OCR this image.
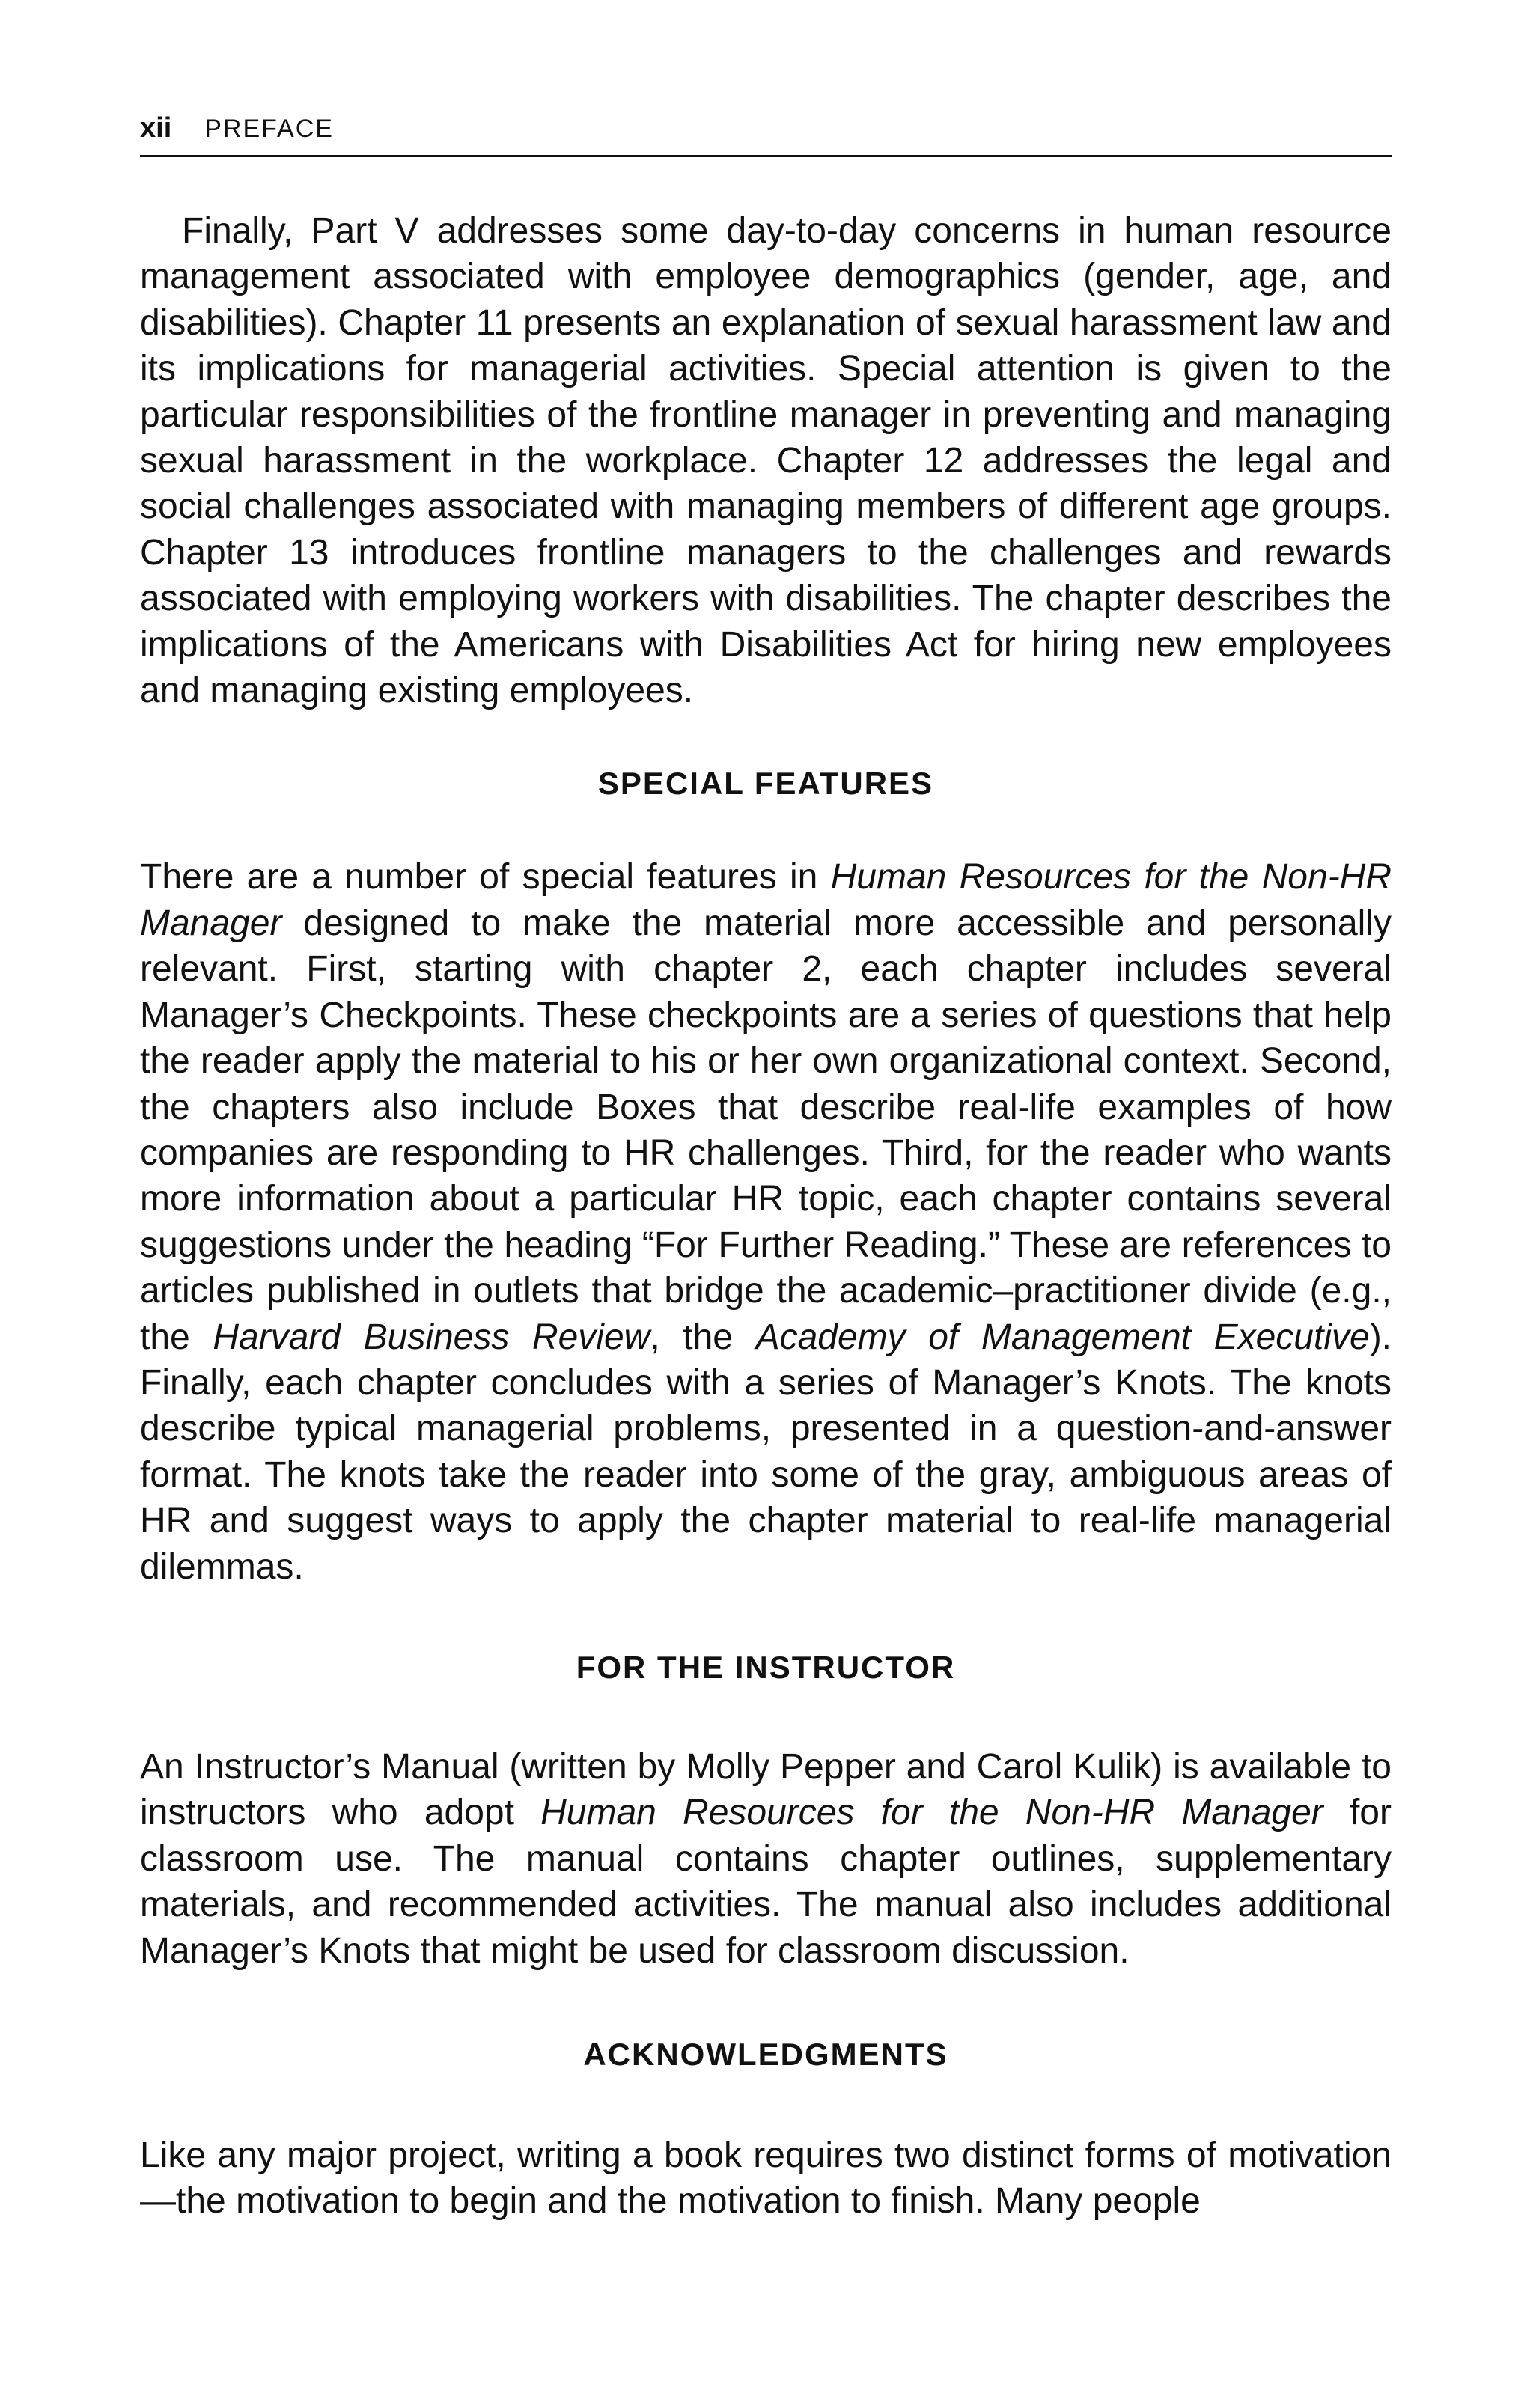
xii PREFACE

Finally, Part V addresses some day-to-day concerns in human resource management associated with employee demographics (gender, age, and disabilities). Chapter 11 presents an explanation of sexual harassment law and its implications for managerial activities. Special attention is given to the particular responsibilities of the frontline manager in preventing and managing sexual harassment in the workplace. Chapter 12 addresses the legal and social challenges associated with managing members of different age groups. Chapter 13 introduces frontline managers to the challenges and rewards associated with employing workers with disabilities. The chapter describes the implications of the Americans with Disabilities Act for hiring new employees and managing existing employees.

SPECIAL FEATURES

There are a number of special features in Human Resources for the Non-HR Manager designed to make the material more accessible and personally relevant. First, starting with chapter 2, each chapter includes several Manager’s Checkpoints. These checkpoints are a series of questions that help the reader apply the material to his or her own organizational context. Second, the chapters also include Boxes that describe real-life examples of how companies are responding to HR challenges. Third, for the reader who wants more information about a particular HR topic, each chapter contains several suggestions under the heading “For Further Reading.” These are references to articles published in outlets that bridge the academic–practitioner divide (e.g., the Harvard Business Review, the Academy of Management Executive). Finally, each chapter concludes with a series of Manager’s Knots. The knots describe typical managerial problems, presented in a question-and-answer format. The knots take the reader into some of the gray, ambiguous areas of HR and suggest ways to apply the chapter material to real-life managerial dilemmas.

FOR THE INSTRUCTOR

An Instructor’s Manual (written by Molly Pepper and Carol Kulik) is available to instructors who adopt Human Resources for the Non-HR Manager for classroom use. The manual contains chapter outlines, supplementary materials, and recommended activities. The manual also includes additional Manager’s Knots that might be used for classroom discussion.

ACKNOWLEDGMENTS

Like any major project, writing a book requires two distinct forms of motivation—the motivation to begin and the motivation to finish. Many people
